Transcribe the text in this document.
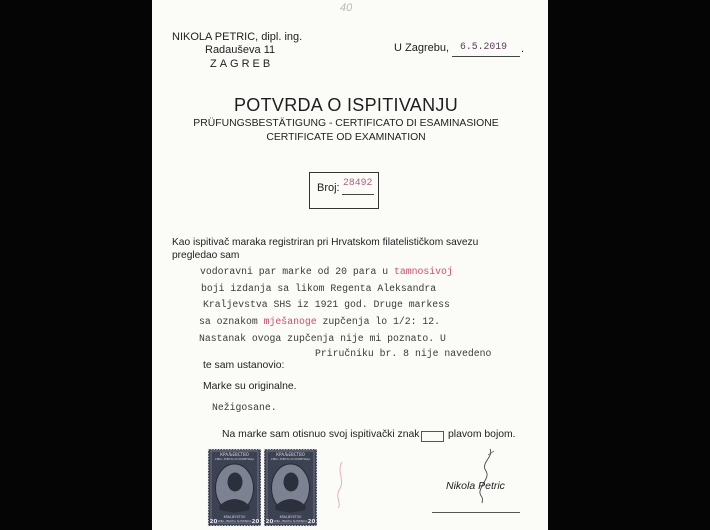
40
NIKOLA PETRIC, dipl. ing.
Radauševa 11
ZAGREB
U Zagrebu, 6.5.2019 .
POTVRDA O ISPITIVANJU
PRÜFUNGSBESTÄTIGUNG - CERTIFICATO DI ESAMINASIONE
CERTIFICATE OD EXAMINATION
Broj: 28492
Kao ispitivač maraka registriran pri Hrvatskom filatelističkom savezu
pregledao sam
vodoravni par marke od 20 para u tamnosivoj
boji izdanja sa likom Regenta Aleksandra
Kraljevstva SHS iz 1921 god. Druge markess
sa oznakom mješanoge zupčenja lo 1/2: 12.
Nastanak ovoga zupčenja nije mi poznato. U
Priručniku br. 8 nije navedeno
te sam ustanovio:
Marke su originalne.
Nežigosane.
Na marke sam otisnuo svoj ispitivački znak	plavom bojom.
КРАЉЕВСТВО
СРБА, ХРВАТА И СЛОВЕНАЦА
KRALJEVSTVO
SRBA, HRVATA I SLOVENACA
20	20
КРАЉЕВСТВО
СРБА, ХРВАТА И СЛОВЕНАЦА
KRALJEVSTVO
SRBA, HRVATA I SLOVENACA
20	20
Nikola Petric
